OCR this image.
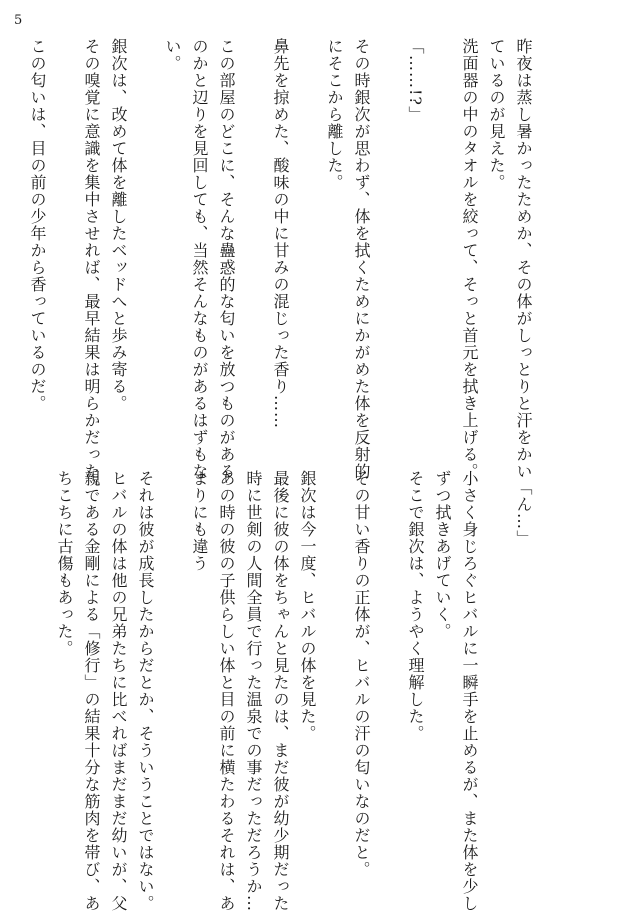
5
昨夜は蒸し暑かったためか、その体がしっとりと汗をかい
ているのが見えた。
洗面器の中のタオルを絞って、そっと首元を拭き上げる。
「……!?」
その時銀次が思わず、体を拭くためにかがめた体を反射的
にそこから離した。
鼻先を掠めた、酸味の中に甘みの混じった香り……
この部屋のどこに、そんな蠱惑的な匂いを放つものがある
のかと辺りを見回しても、当然そんなものがあるはずもな
い。
銀次は、改めて体を離したベッドへと歩み寄る。
その嗅覚に意識を集中させれば、最早結果は明らかだった。
この匂いは、目の前の少年から香っているのだ。
　「ん…」
小さく身じろぐヒバルに一瞬手を止めるが、また体を少し
ずつ拭きあげていく。
そこで銀次は、ようやく理解した。
その甘い香りの正体が、ヒバルの汗の匂いなのだと。
銀次は今一度、ヒバルの体を見た。
最後に彼の体をちゃんと見たのは、まだ彼が幼少期だった
時に世剣の人間全員で行った温泉での事だっただろうか…
あの時の彼の子供らしい体と目の前に横たわるそれは、あ
まりにも違う
それは彼が成長したからだとか、そういうことではない。
ヒバルの体は他の兄弟たちに比べればまだまだ幼いが、父
親である金剛による「修行」の結果十分な筋肉を帯び、あ
ちこちに古傷もあった。
